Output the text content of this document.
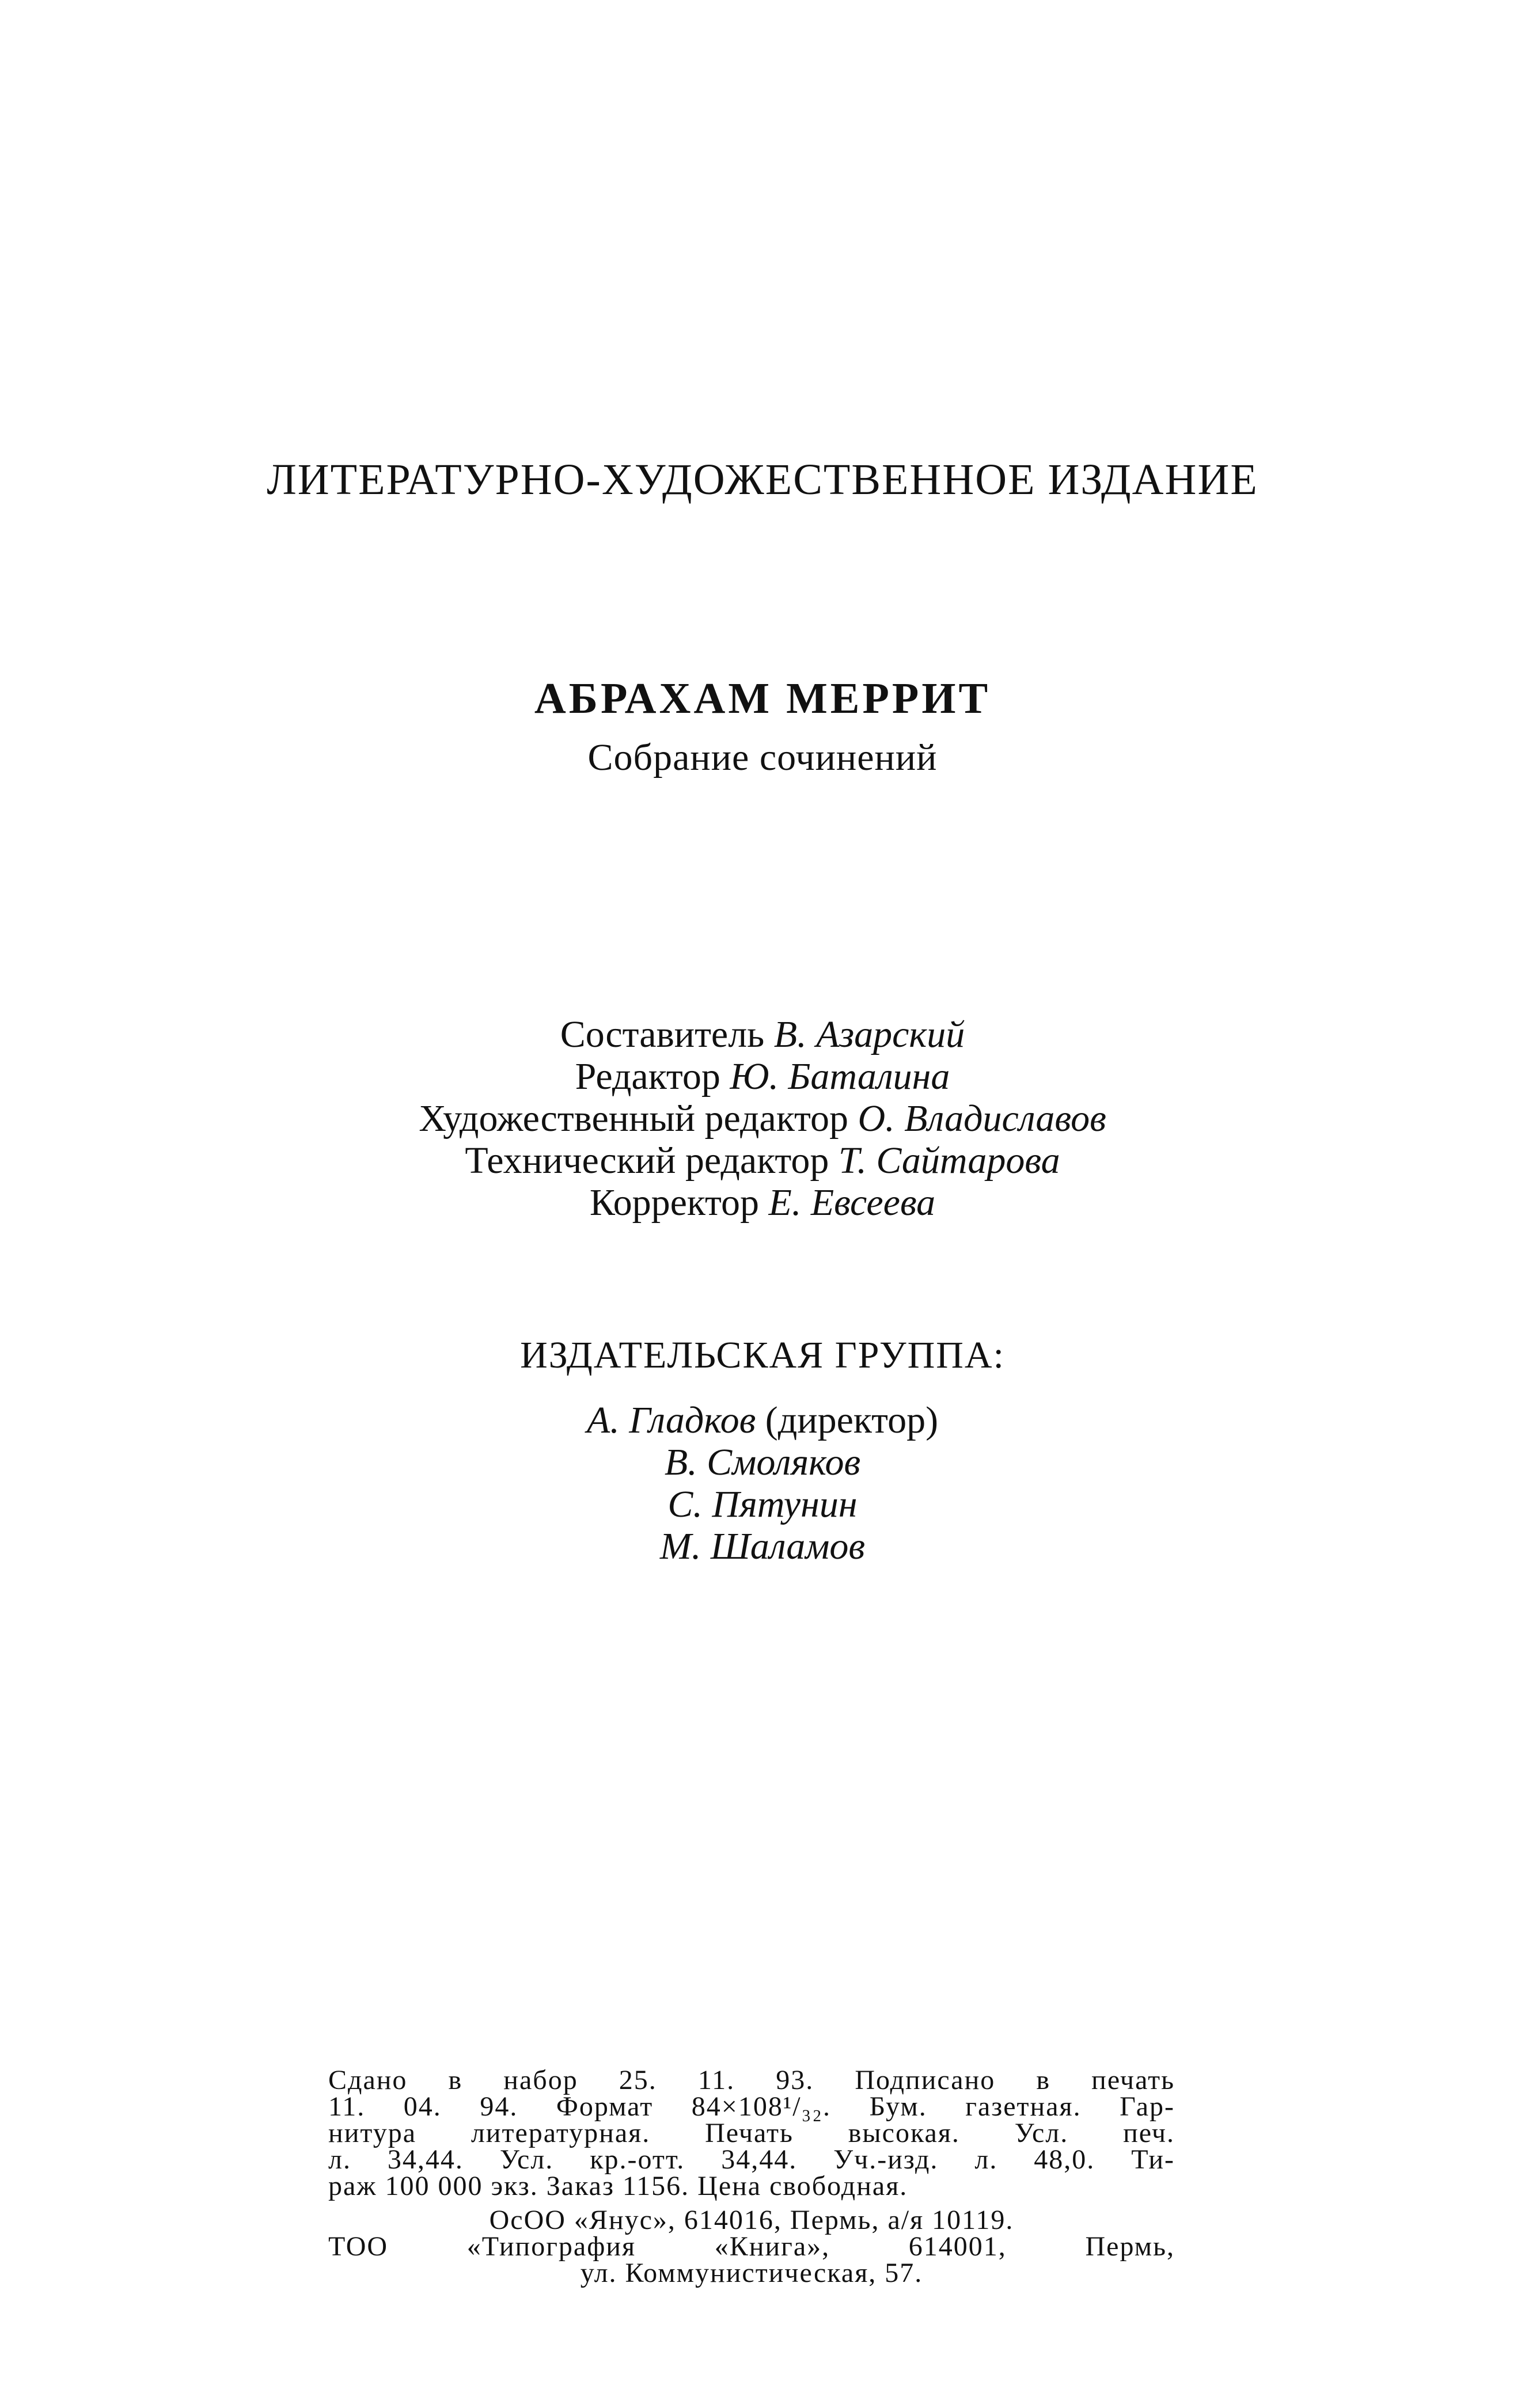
ЛИТЕРАТУРНО-ХУДОЖЕСТВЕННОЕ ИЗДАНИЕ
АБРАХАМ МЕРРИТ
Собрание сочинений
Составитель В. Азарский
Редактор Ю. Баталина
Художественный редактор О. Владиславов
Технический редактор Т. Сайтарова
Корректор Е. Евсеева
ИЗДАТЕЛЬСКАЯ ГРУППА:
А. Гладков (директор)
В. Смоляков
С. Пятунин
М. Шаламов
Сдано в набор 25. 11. 93. Подписано в печать
11. 04. 94. Формат 84×108¹/₃₂. Бум. газетная. Гар-
нитура литературная. Печать высокая. Усл. печ.
л. 34,44. Усл. кр.-отт. 34,44. Уч.-изд. л. 48,0. Ти-
раж 100 000 экз. Заказ 1156. Цена свободная.
ОсОО «Янус», 614016, Пермь, а/я 10119.
ТОО «Типография «Книга», 614001, Пермь,
ул. Коммунистическая, 57.
